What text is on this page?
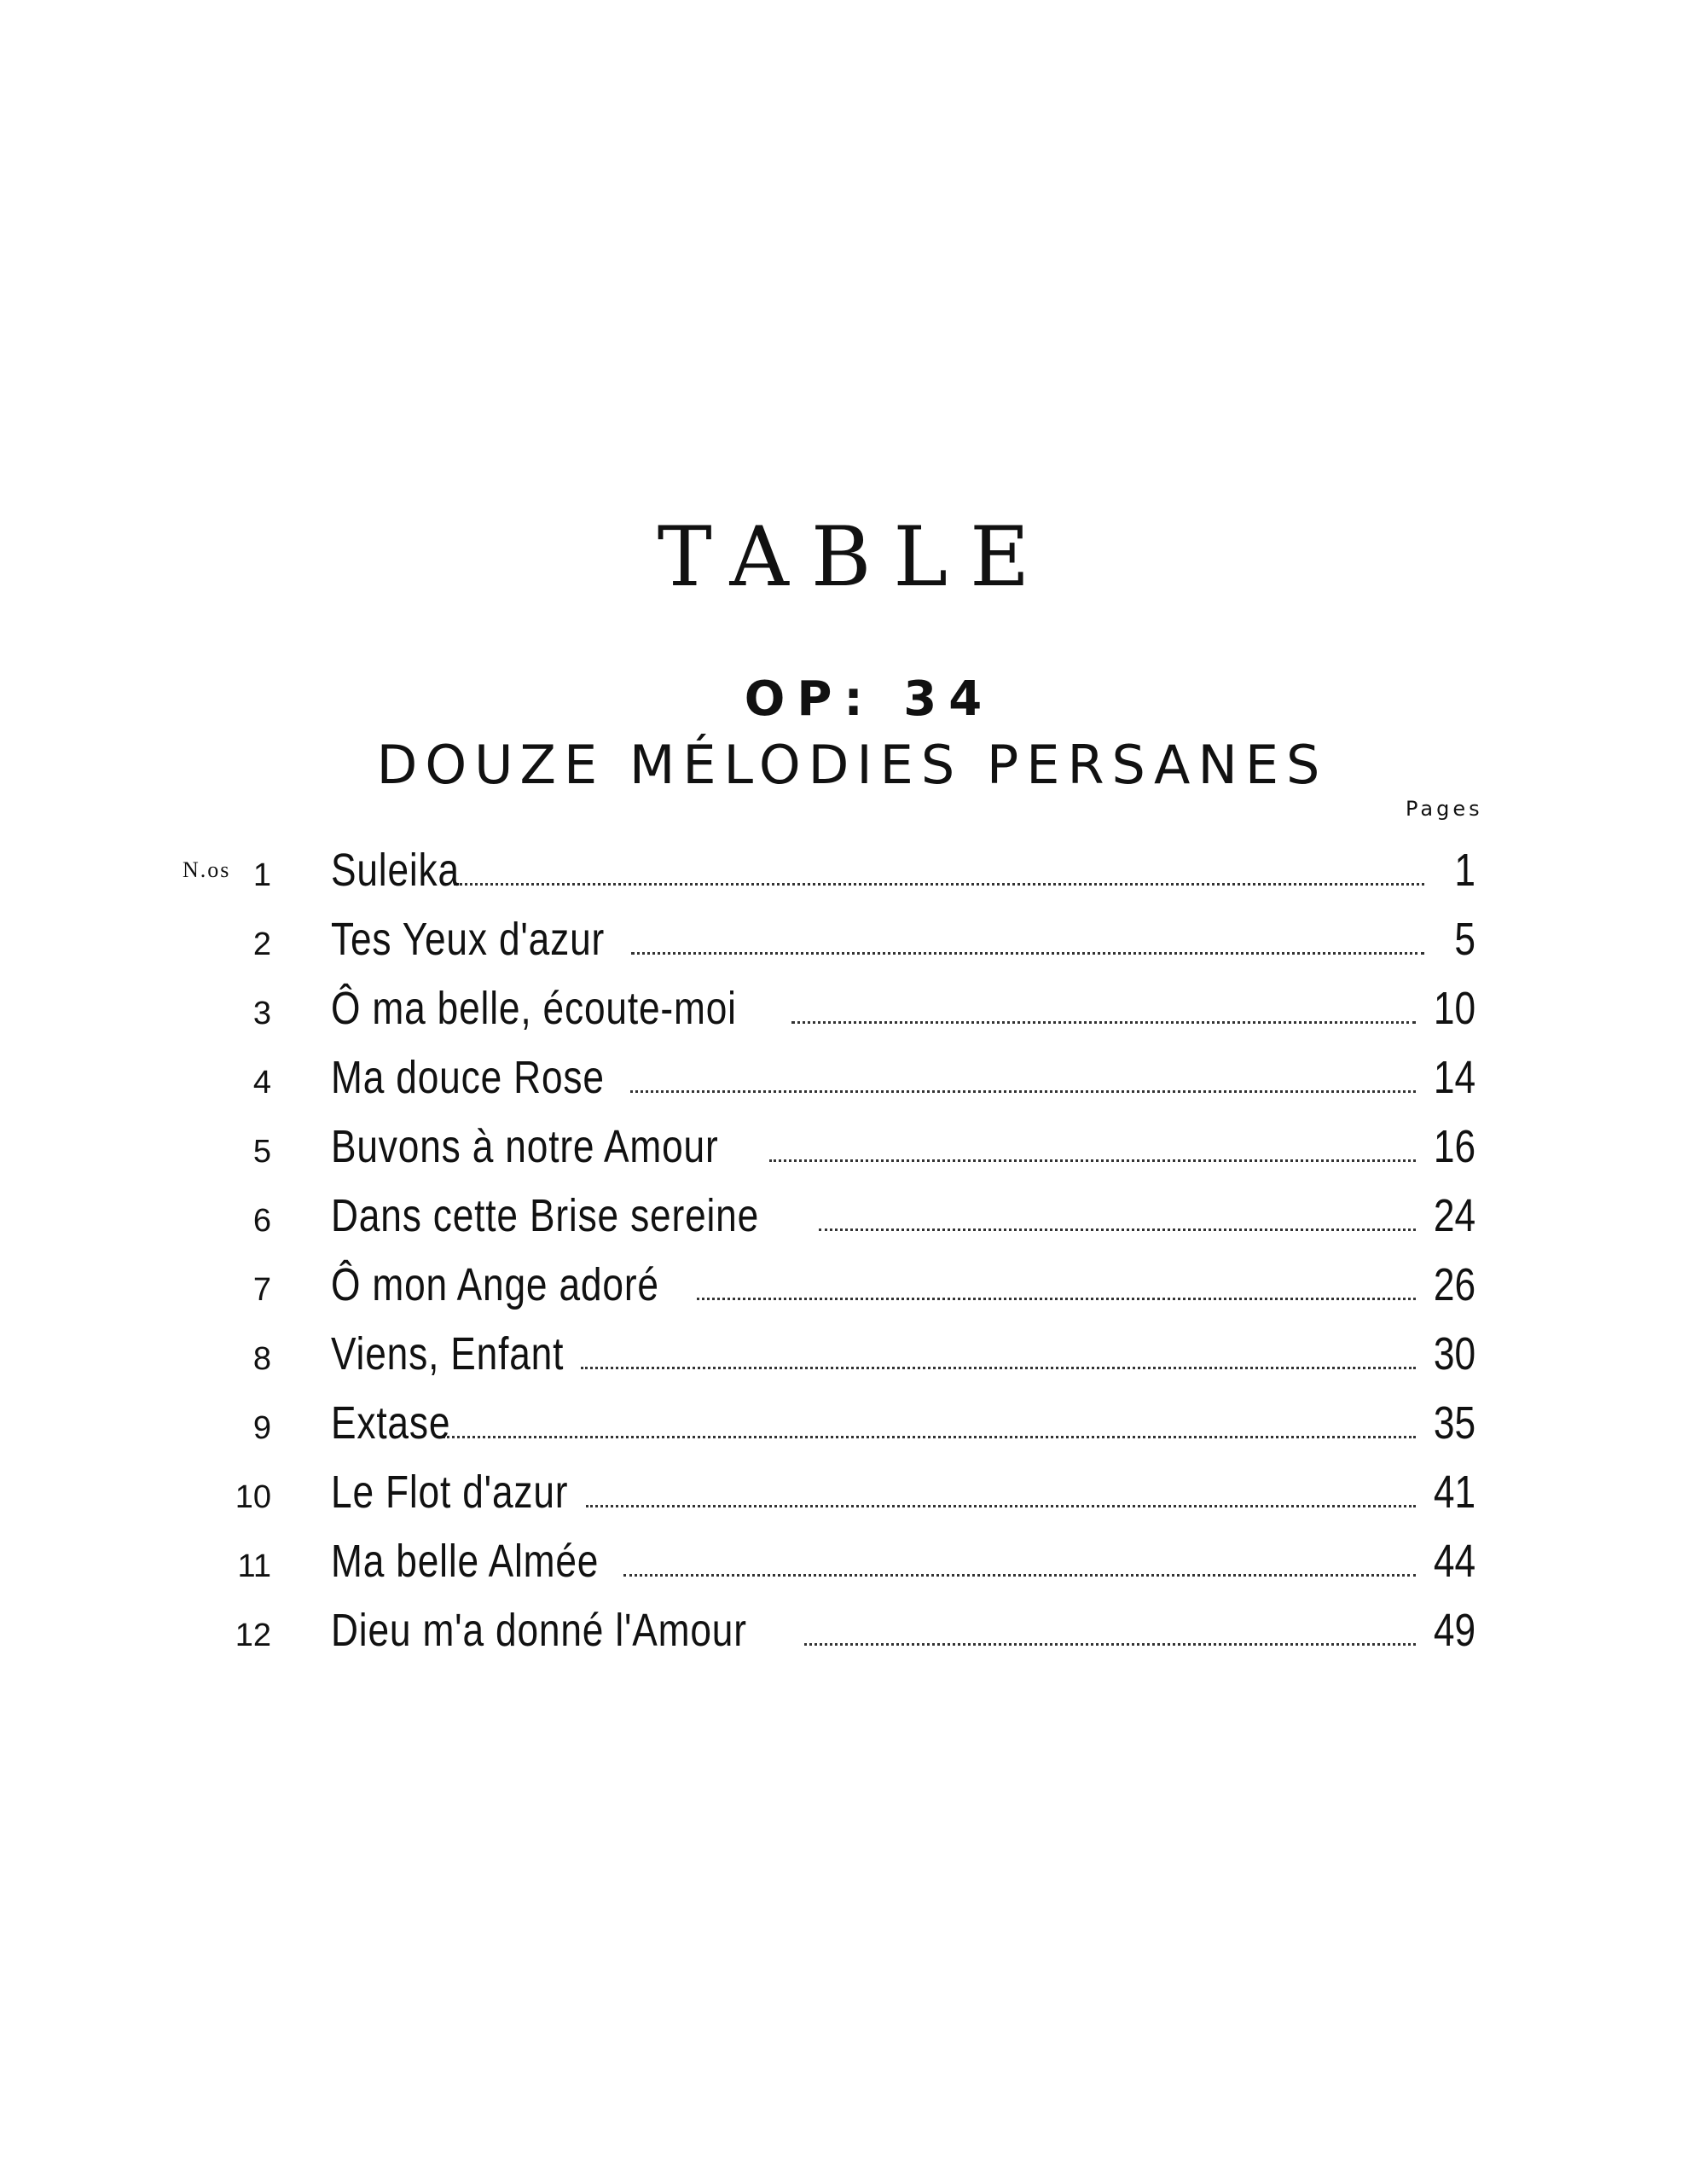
TABLE
OP: 34
DOUZE MÉLODIES PERSANES
Pages
N.os 1 Suleika	1
2 Tes Yeux d'azur	5
3 Ô ma belle, écoute-moi	10
4 Ma douce Rose	14
5 Buvons à notre Amour	16
6 Dans cette Brise sereine	24
7 Ô mon Ange adoré	26
8 Viens, Enfant	30
9 Extase	35
10 Le Flot d'azur	41
11 Ma belle Almée	44
12 Dieu m'a donné l'Amour	49
